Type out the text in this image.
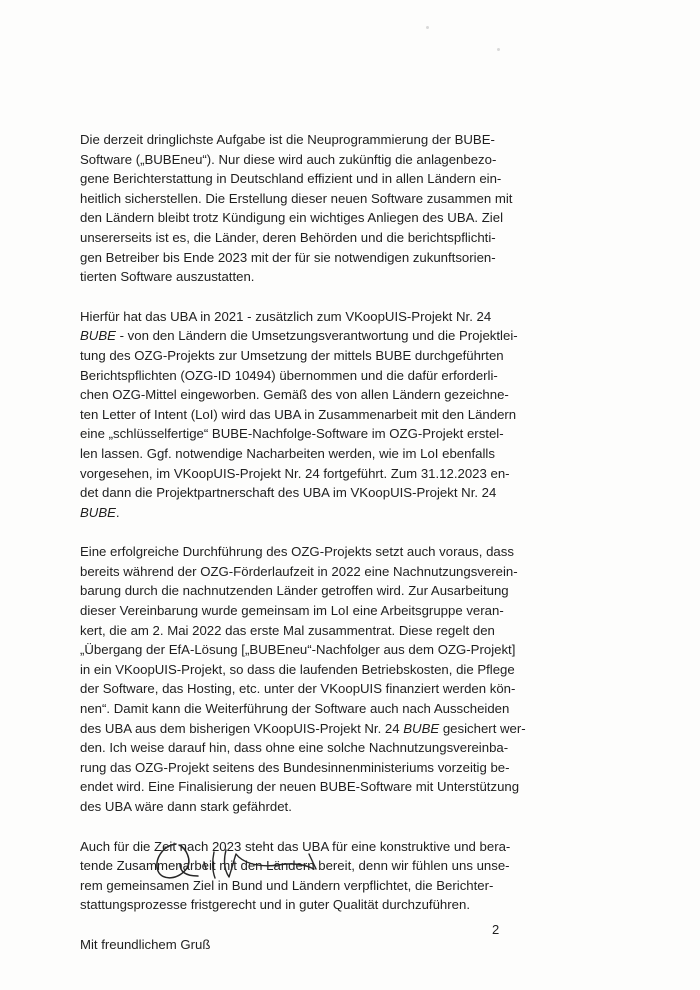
Die derzeit dringlichste Aufgabe ist die Neuprogrammierung der BUBE-
Software („BUBEneu“). Nur diese wird auch zukünftig die anlagenbezo-
gene Berichterstattung in Deutschland effizient und in allen Ländern ein-
heitlich sicherstellen. Die Erstellung dieser neuen Software zusammen mit
den Ländern bleibt trotz Kündigung ein wichtiges Anliegen des UBA. Ziel
unsererseits ist es, die Länder, deren Behörden und die berichtspflichti-
gen Betreiber bis Ende 2023 mit der für sie notwendigen zukunftsorien-
tierten Software auszustatten.
Hierfür hat das UBA in 2021 - zusätzlich zum VKoopUIS-Projekt Nr. 24
BUBE - von den Ländern die Umsetzungsverantwortung und die Projektlei-
tung des OZG-Projekts zur Umsetzung der mittels BUBE durchgeführten
Berichtspflichten (OZG-ID 10494) übernommen und die dafür erforderli-
chen OZG-Mittel eingeworben. Gemäß des von allen Ländern gezeichne-
ten Letter of Intent (LoI) wird das UBA in Zusammenarbeit mit den Ländern
eine „schlüsselfertige“ BUBE-Nachfolge-Software im OZG-Projekt erstel-
len lassen. Ggf. notwendige Nacharbeiten werden, wie im LoI ebenfalls
vorgesehen, im VKoopUIS-Projekt Nr. 24 fortgeführt. Zum 31.12.2023 en-
det dann die Projektpartnerschaft des UBA im VKoopUIS-Projekt Nr. 24
BUBE.
Eine erfolgreiche Durchführung des OZG-Projekts setzt auch voraus, dass
bereits während der OZG-Förderlaufzeit in 2022 eine Nachnutzungsverein-
barung durch die nachnutzenden Länder getroffen wird. Zur Ausarbeitung
dieser Vereinbarung wurde gemeinsam im LoI eine Arbeitsgruppe veran-
kert, die am 2. Mai 2022 das erste Mal zusammentrat. Diese regelt den
„Übergang der EfA-Lösung [„BUBEneu“-Nachfolger aus dem OZG-Projekt]
in ein VKoopUIS-Projekt, so dass die laufenden Betriebskosten, die Pflege
der Software, das Hosting, etc. unter der VKoopUIS finanziert werden kön-
nen“. Damit kann die Weiterführung der Software auch nach Ausscheiden
des UBA aus dem bisherigen VKoopUIS-Projekt Nr. 24 BUBE gesichert wer-
den. Ich weise darauf hin, dass ohne eine solche Nachnutzungsvereinba-
rung das OZG-Projekt seitens des Bundesinnenministeriums vorzeitig be-
endet wird. Eine Finalisierung der neuen BUBE-Software mit Unterstützung
des UBA wäre dann stark gefährdet.
Auch für die Zeit nach 2023 steht das UBA für eine konstruktive und bera-
tende Zusammenarbeit mit den Ländern bereit, denn wir fühlen uns unse-
rem gemeinsamen Ziel in Bund und Ländern verpflichtet, die Berichter-
stattungsprozesse fristgerecht und in guter Qualität durchzuführen.
Mit freundlichem Gruß
2
